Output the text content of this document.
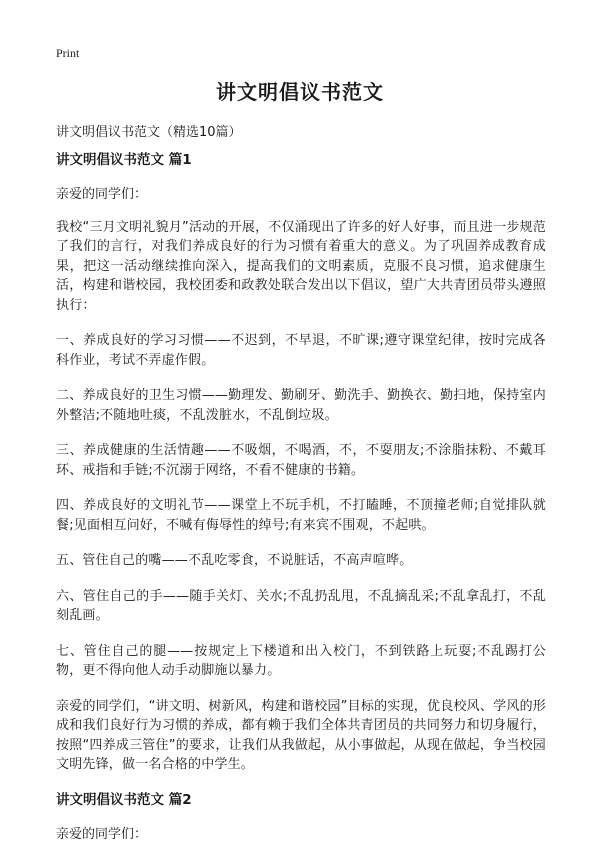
Print
讲文明倡议书范文

讲文明倡议书范文（精选10篇）

讲文明倡议书范文 篇1

亲爱的同学们：

我校“三月文明礼貌月”活动的开展，不仅涌现出了许多的好人好事，而且进一步规范了我们的言行，对我们养成良好的行为习惯有着重大的意义。为了巩固养成教育成果，把这一活动继续推向深入，提高我们的文明素质，克服不良习惯，追求健康生活，构建和谐校园，我校团委和政教处联合发出以下倡议，望广大共青团员带头遵照执行：

一、养成良好的学习习惯——不迟到，不早退，不旷课;遵守课堂纪律，按时完成各科作业，考试不弄虚作假。

二、养成良好的卫生习惯——勤理发、勤刷牙、勤洗手、勤换衣、勤扫地，保持室内外整洁;不随地吐痰，不乱泼脏水，不乱倒垃圾。

三、养成健康的生活情趣——不吸烟，不喝酒，不，不耍朋友;不涂脂抹粉、不戴耳环、戒指和手链;不沉溺于网络，不看不健康的书籍。

四、养成良好的文明礼节——课堂上不玩手机，不打瞌睡，不顶撞老师;自觉排队就餐;见面相互问好，不喊有侮辱性的绰号;有来宾不围观，不起哄。

五、管住自己的嘴——不乱吃零食，不说脏话，不高声喧哗。

六、管住自己的手——随手关灯、关水;不乱扔乱甩，不乱摘乱采;不乱拿乱打，不乱刻乱画。

七、管住自己的腿——按规定上下楼道和出入校门，不到铁路上玩耍;不乱踢打公物，更不得向他人动手动脚施以暴力。

亲爱的同学们，“讲文明、树新风，构建和谐校园”目标的实现，优良校风、学风的形成和我们良好行为习惯的养成，都有赖于我们全体共青团员的共同努力和切身履行，按照“四养成三管住”的要求，让我们从我做起，从小事做起，从现在做起，争当校园文明先锋，做一名合格的中学生。

讲文明倡议书范文 篇2

亲爱的同学们：
